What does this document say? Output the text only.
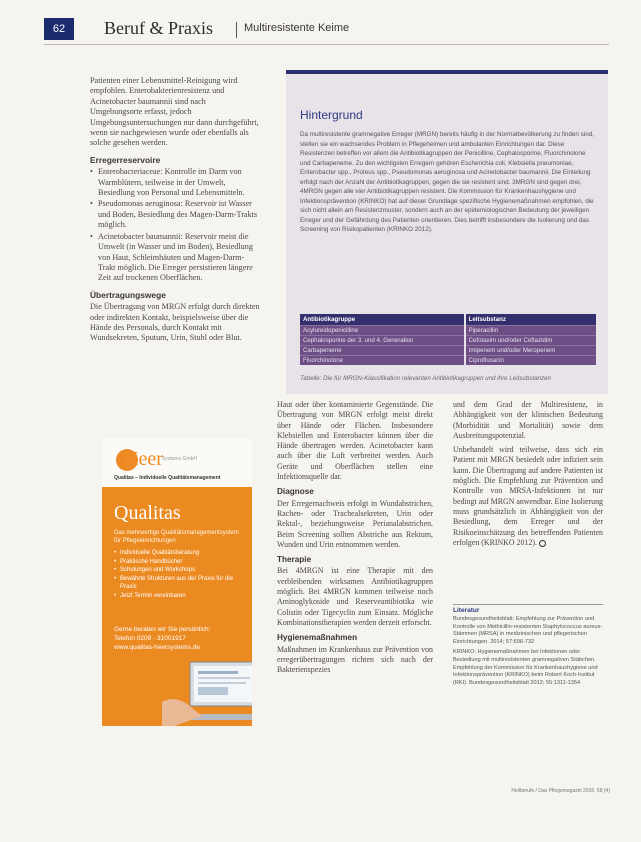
62	Beruf & Praxis	Multiresistente Keime

Patienten einer Lebensmittel-Reinigung wird empfohlen. Enterobakterienresistenz und Acinetobacter baumannii sind nach Umgebungsorte erfasst, jedoch Umgebungsuntersuchungen nur dann durchgeführt, wenn sie nachgewiesen wurde oder ebenfalls als solche gesehen werden.

Erregerreservoire
• Enterobacteriaceae: Kontrolle im Darm von Warmblütern, teilweise in der Umwelt, Besiedlung von Personal und Lebensmitteln.
• Pseudomonas aeruginosa: Reservoir ist Wasser und Boden, Besiedlung des Magen-Darm-Trakts möglich.
• Acinetobacter baumannii: Reservoir meist die Umwelt (in Wasser und im Boden), Besiedlung von Haut, Schleimhäuten und Magen-Darm-Trakt möglich. Die Erreger persistieren längere Zeit auf trockenen Oberflächen.
Übertragungswege

Die Übertragung von MRGN erfolgt durch direkten oder indirekten Kontakt, beispielsweise über die Hände des Personals, durch Kontakt mit Wundsekreten, Sputum, Urin, Stuhl oder Blut.

Hintergrund
Da multiresistente gramnegative Erreger (MRGN) bereits häufig in der Normalbevölkerung zu finden sind, stellen sie ein wachsendes Problem in Pflegeheimen und ambulanten Einrichtungen dar. Diese Resistenzen betreffen vor allem die Antibiotikagruppen der Penicilline, Cephalosporine, Fluorchinolone und Carbapeneme. Zu den wichtigsten Erregern gehören Escherichia coli, Klebsiella pneumoniae, Enterobacter spp., Proteus spp., Pseudomonas aeruginosa und Acinetobacter baumannii. Die Einteilung erfolgt nach der Anzahl der Antibiotikagruppen, gegen die sie resistent sind. 3MRGN sind gegen drei, 4MRGN gegen alle vier Antibiotikagruppen resistent. Die Kommission für Krankenhaushygiene und Infektionsprävention (KRINKO) hat auf dieser Grundlage spezifische Hygienemaßnahmen empfohlen, die sich nicht allein am Resistenzmuster, sondern auch an der epidemiologischen Bedeutung der jeweiligen Erreger und der Gefährdung des Patienten orientieren. Dies betrifft insbesondere die Isolierung und das Screening von Risikopatienten (KRINKO 2012).
Antibiotikagruppe	Leitsubstanz
Acylureidopenicilline	Piperacillin
Cephalosporine der 3. und 4. Generation	Cefotaxim und/oder Ceftazidim
Carbapeneme	Imipenem und/oder Meropenem
Fluorchinolone	Ciprofloxacin
Tabelle: Die für MRGN-Klassifikation relevanten Antibiotikagruppen und ihre Leitsubstanzen
Heer Systems GmbH
Qualitas – Individuelle Qualitätsmanagement
Qualitas
Das mehrwertige Qualitätsmanagementsystem für Pflegeeinrichtungen
• Individuelle Qualitätsberatung
• Praktische Handbücher
• Schulungen und Workshops
• Bewährte Strukturen aus der Praxis für die Praxis
• Jetzt Termin vereinbaren
Gerne beraten wir Sie persönlich:
Telefon 0209 - 31001917
www.qualitas-heersystems.de

Haut oder über kontaminierte Gegenstände. Die Übertragung von MRGN erfolgt meist direkt über Hände oder Flächen. Insbesondere Klebsiellen und Enterobacter können über die Hände übertragen werden. Acinetobacter kann auch über die Luft verbreitet werden. Auch Geräte und Oberflächen stellen eine Infektionsquelle dar.

Diagnose

Der Erregernachweis erfolgt in Wundabstrichen, Rachen- oder Trachealsekreten, Urin oder Rektal-, beziehungsweise Perianalabstrichen. Beim Screening sollten Abstriche aus Rektum, Wunden und Urin entnommen werden.

Therapie

Bei 4MRGN ist eine Therapie mit den verbleibenden wirksamen Antibiotikagruppen möglich. Bei 4MRGN kommen teilweise noch Aminoglykoside und Reserveantibiotika wie Colistin oder Tigecyclin zum Einsatz. Mögliche Kombinationstherapien werden derzeit erforscht.

Hygienemaßnahmen

Maßnahmen im Krankenhaus zur Prävention von erregerübertragungen richten sich nach der Bakterienspezies

und dem Grad der Multiresistenz, in Abhängigkeit von der klinischen Bedeutung (Morbidität und Mortalität) sowie dem Ausbreitungspotenzial.

Unbehandelt wird teilweise, dass sich ein Patient mit MRGN besiedelt oder infiziert sein kann. Die Übertragung auf andere Patienten ist möglich. Die Empfehlung zur Prävention und Kontrolle von MRSA-Infektionen ist nur bedingt auf MRGN anwendbar. Eine Isolierung muss grundsätzlich in Abhängigkeit von der Besiedlung, dem Erreger und der Risikoeinschätzung des betreffenden Patienten erfolgen (KRINKO 2012).

Literatur

Bundesgesundheitsblatt: Empfehlung zur Prävention und Kontrolle von Methicillin-resistenten Staphylococcus aureus-Stämmen (MRSA) in medizinischen und pflegerischen Einrichtungen. 2014; 57:696-732

KRINKO: Hygienemaßnahmen bei Infektionen oder Besiedlung mit multiresistenten gramnegativen Stäbchen. Empfehlung der Kommission für Krankenhaushygiene und Infektionsprävention (KRINKO) beim Robert Koch-Institut (RKI). Bundesgesundheitsblatt 2012; 55:1311-1354

Heilberufe / Das Pflegemagazin 2016; 68 (4)
